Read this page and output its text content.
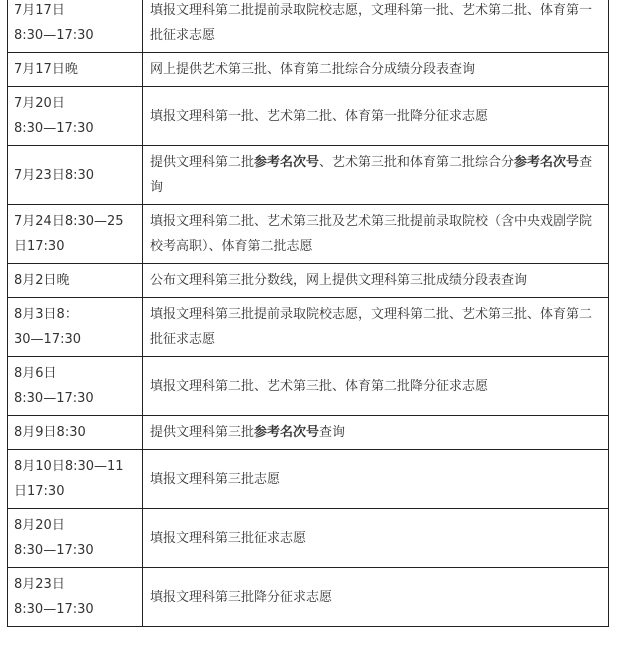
7月17日
8:30—17:30	填报文理科第二批提前录取院校志愿，文理科第一批、艺术第二批、体育第一批征求志愿
7月17日晚	网上提供艺术第三批、体育第二批综合分成绩分段表查询
7月20日
8:30—17:30	填报文理科第一批、艺术第二批、体育第一批降分征求志愿
7月23日8:30	提供文理科第二批参考名次号、艺术第三批和体育第二批综合分参考名次号查询
7月24日8:30—25
日17:30	填报文理科第二批、艺术第三批及艺术第三批提前录取院校（含中央戏剧学院校考高职）、体育第二批志愿
8月2日晚	公布文理科第三批分数线，网上提供文理科第三批成绩分段表查询
8月3日8：
30—17:30	填报文理科第三批提前录取院校志愿，文理科第二批、艺术第三批、体育第二批征求志愿
8月6日
8:30—17:30	填报文理科第二批、艺术第三批、体育第二批降分征求志愿
8月9日8:30	提供文理科第三批参考名次号查询
8月10日8:30—11
日17:30	填报文理科第三批志愿
8月20日
8:30—17:30	填报文理科第三批征求志愿
8月23日
8:30—17:30	填报文理科第三批降分征求志愿
